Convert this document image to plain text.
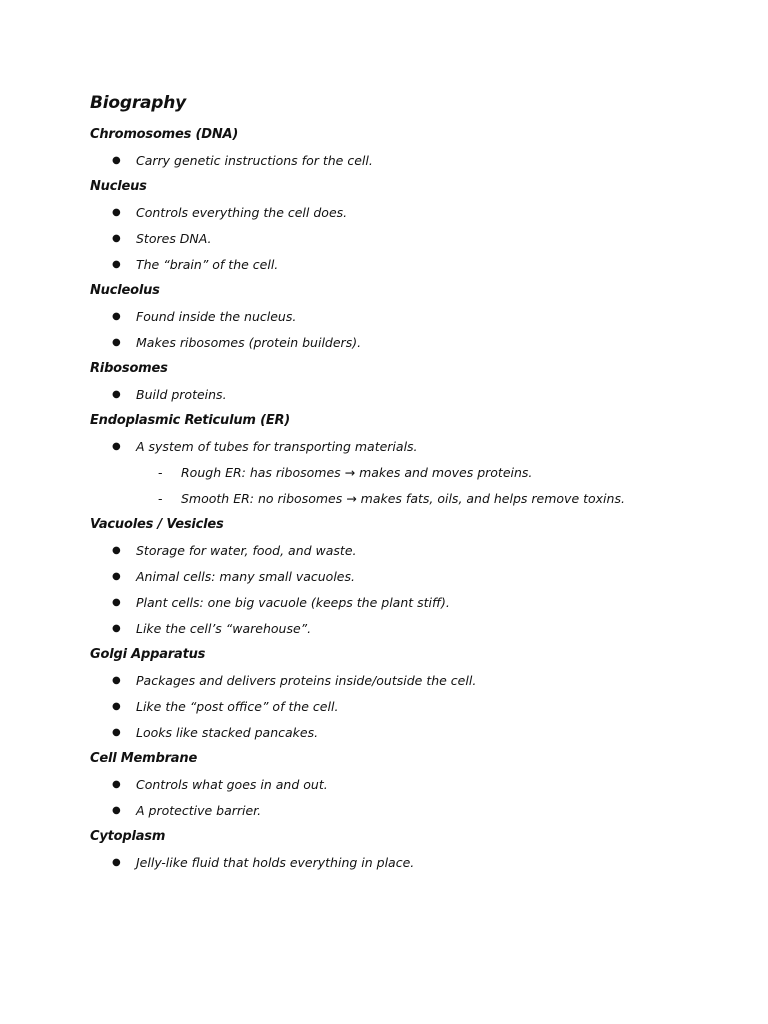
Biography
Chromosomes (DNA)
● Carry genetic instructions for the cell.
Nucleus
● Controls everything the cell does.
● Stores DNA.
● The “brain” of the cell.
Nucleolus
● Found inside the nucleus.
● Makes ribosomes (protein builders).
Ribosomes
● Build proteins.
Endoplasmic Reticulum (ER)
● A system of tubes for transporting materials.
- Rough ER: has ribosomes → makes and moves proteins.
- Smooth ER: no ribosomes → makes fats, oils, and helps remove toxins.
Vacuoles / Vesicles
● Storage for water, food, and waste.
● Animal cells: many small vacuoles.
● Plant cells: one big vacuole (keeps the plant stiff).
● Like the cell’s “warehouse”.
Golgi Apparatus
● Packages and delivers proteins inside/outside the cell.
● Like the “post office” of the cell.
● Looks like stacked pancakes.
Cell Membrane
● Controls what goes in and out.
● A protective barrier.
Cytoplasm
● Jelly-like fluid that holds everything in place.
